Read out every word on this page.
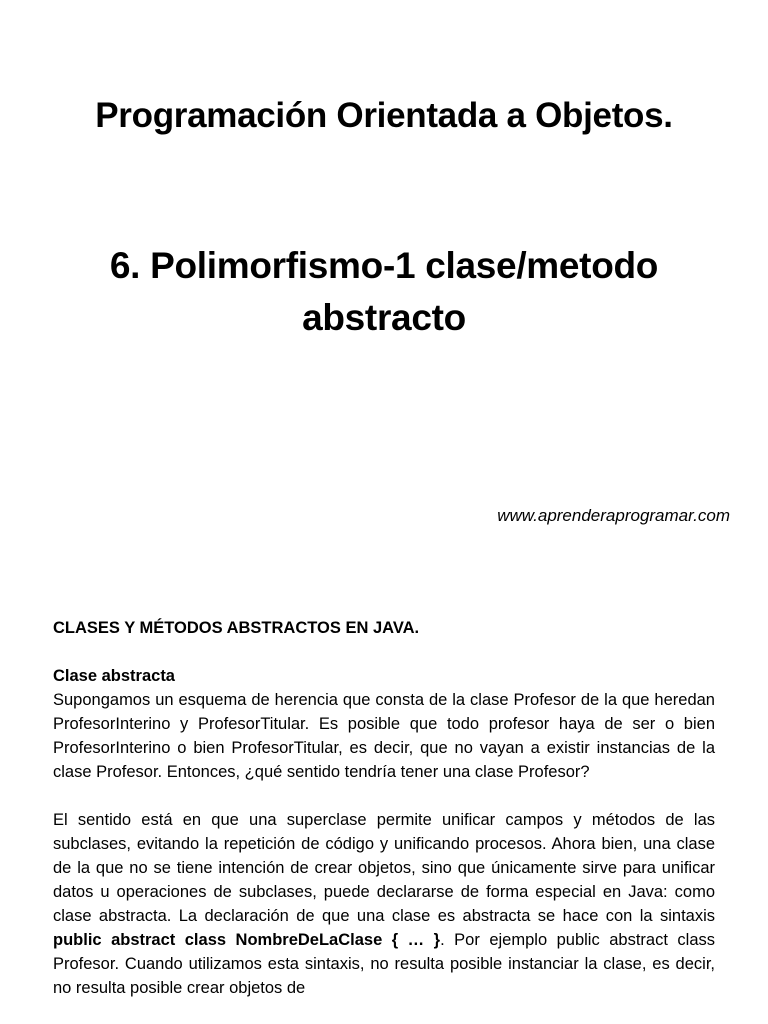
Programación Orientada a Objetos.
6. Polimorfismo-1 clase/metodo abstracto
www.aprenderaprogramar.com
CLASES Y MÉTODOS ABSTRACTOS EN JAVA.
Clase abstracta

Supongamos un esquema de herencia que consta de la clase Profesor de la que heredan ProfesorInterino y ProfesorTitular. Es posible que todo profesor haya de ser o bien ProfesorInterino o bien ProfesorTitular, es decir, que no vayan a existir instancias de la clase Profesor. Entonces, ¿qué sentido tendría tener una clase Profesor?

El sentido está en que una superclase permite unificar campos y métodos de las subclases, evitando la repetición de código y unificando procesos. Ahora bien, una clase de la que no se tiene intención de crear objetos, sino que únicamente sirve para unificar datos u operaciones de subclases, puede declararse de forma especial en Java: como clase abstracta. La declaración de que una clase es abstracta se hace con la sintaxis public abstract class NombreDeLaClase { … }. Por ejemplo public abstract class Profesor. Cuando utilizamos esta sintaxis, no resulta posible instanciar la clase, es decir, no resulta posible crear objetos de
